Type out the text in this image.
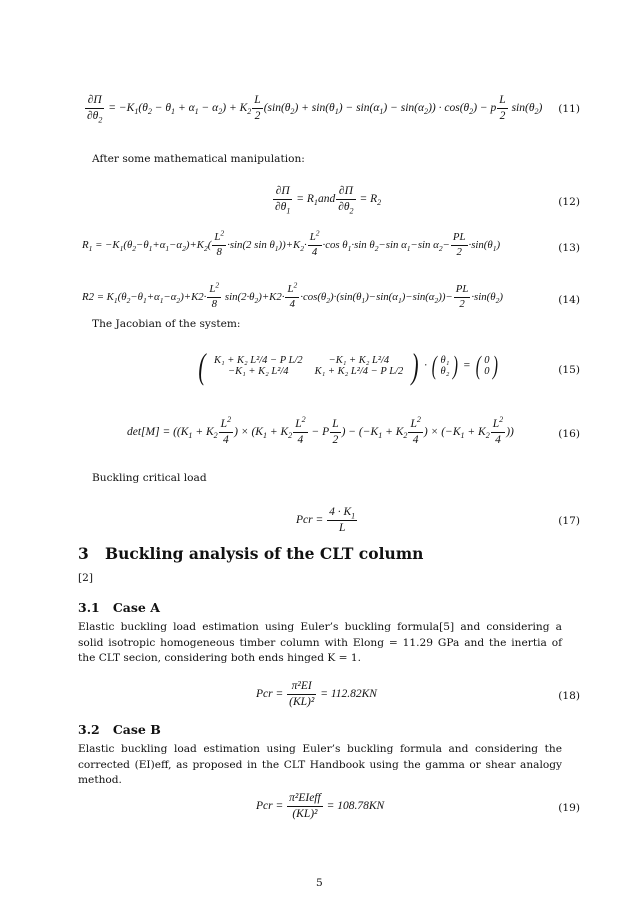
$\frac{\partial\Pi}{\partial\theta_2} = -K_1(\theta_2 - \theta_1 + \alpha_1 - \alpha_2) + K_2 \frac{L}{2} (\sin(\theta_2) + \sin(\theta_1) - \sin(\alpha_1) - \sin(\alpha_2)) \cdot \cos(\theta_2) - p \frac{L}{2} \sin(\theta_2)$ (11)
After some mathematical manipulation:
$\frac{\partial\Pi}{\partial\theta_1} = R_1and \frac{\partial\Pi}{\partial\theta_2} = R_2$	(12)
$R_1 = -K_1(\theta_2-\theta_1+\alpha_1-\alpha_2)+K_2( \frac{L^2}{8} \cdot\sin(2$ $\sin \theta_1))+K_2\cdot \frac{L^2}{4} \cdot\cos$ $\theta_1\cdot\sin$ $\theta_2-\sin$ $\alpha_1-\sin$ $\alpha_2- \frac{PL}{2} \cdot\sin(\theta_1)$	(13)
$R2 = K_1(\theta_2-\theta_1+\alpha_1-\alpha_2)+K2\cdot \frac{L^2}{8} \sin(2\cdot\theta_2)+K2\cdot \frac{L^2}{4} \cdot\cos(\theta_2)\cdot(\sin(\theta_1)-\sin(\alpha_1)-\sin(\alpha_2))- \frac{PL}{2} \cdot\sin(\theta_2)$	(14)
The Jacobian of the system:
( K₁ + K₂ L²/4 − P L/2	−K₁ + K₂ L²/4
−K₁ + K₂ L²/4	K₁ + K₂ L²/4 − P L/2 ) · ( θ₁
θ₂ ) = ( 0
0 )	(15)
$\det[M] = ((K_1 + K_2 \frac{L^2}{4}$ ) × ($K_1 + K_2 \frac{L^2}{4} - P \frac{L}{2}$ ) − ($-K_1 + K_2 \frac{L^2}{4}$ ) × ($-K_1 + K_2 \frac{L^2}{4}$ ))	(16)
Buckling critical load
Pcr = $\frac{4 \cdot K_1}{L}$	(17)
3 Buckling analysis of the CLT column
[2]
3.1 Case A
Elastic buckling load estimation using Euler’s buckling formula[5] and considering a solid isotropic homogeneous timber column with Elong = 11.29 GPa and the inertia of the CLT secion, considering both ends hinged K = 1.
Pcr = $\frac{\text{π²EI}}{\text{(KL)²}} = 112.82KN$	(18)
3.2 Case B
Elastic buckling load estimation using Euler’s buckling formula and considering the corrected (EI)eff, as proposed in the CLT Handbook using the gamma or shear analogy method.
Pcr = $\frac{\text{π²EIeff}}{\text{(KL)²}} = 108.78KN$	(19)
5
